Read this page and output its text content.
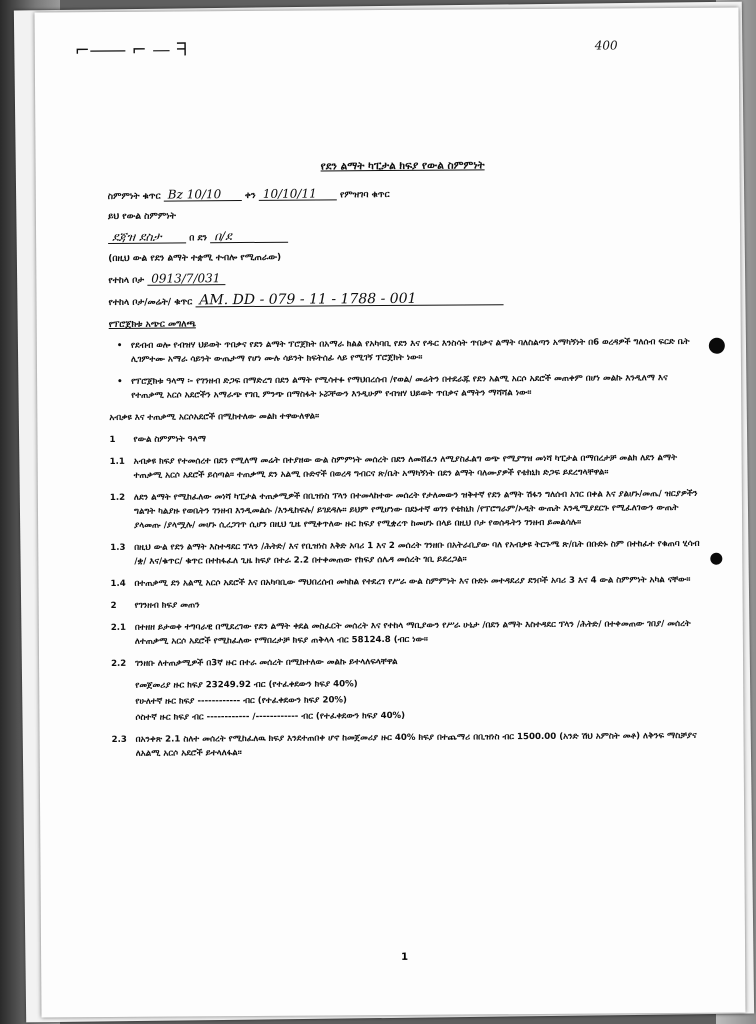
⌐⸺ ⌐ — ᖷ	400
የደን ልማት ካፒታል ክፍያ የውል ስምምነት
ስምምነት ቁጥር Bz 10/10	ቀን 10/10/11	የምዝገባ ቁጥር
ይህ የውል ስምምነት
ደጃዝ ደስታ	በ ደን በ/ደ
(በዚህ ውል የደን ልማት ተቋሚ ተብሎ የሚጠራው)
የተከላ ቦታ 0913/7/031
የተከላ ቦታ/መሬት/ ቁጥር AM. DD - 079 - 11 - 1788 - 001
የፕሮጀክቱ አጭር መግለጫ
• የደብብ ወሎ የብዝሃ ህይወት ጥበቃና የደን ልማት ፕሮጀክት በአማራ ክልል የአካባቢ የደን እና የዱር እንስሳት ጥበቃና ልማት ባለስልጣን አማካኝነት በ6 ወረዳዎች ግለሰብ ፍርድ ቤት ሊገምተሙ አማራ ሳይንት ውጤታማ የሆነ ሙሉ ሳይንት ክፍትሰፊ ላይ የሚገኝ ፕሮጀክት ነው።
• የፕሮጀክቱ ዓላማ ፡- የገንዘብ ድጋፍ በማድረግ በደን ልማት የሚሳተፉ የማህበረሰብ /የወል/ መሬትን በተደራጁ የደን አልሚ አርሶ አደሮች መጠቀም በሆነ መልኩ እንዲለማ እና የተጠቃሚ አርሶ አደሮችን አማራጭ የገቢ ምንጭ በማስፋት ኑሯቸውን እንዲሁም የብዝሃ ህይወት ጥበቃና ልማትን ማሻሻል ነው።
አብቃዩ እና ተጠቃሚ አርሶአደሮች በሚከተለው መልክ ተዋውለዋል።
1	የውል ስምምነት ዓላማ
1.1	አብቃዩ ክፍያ የተመሰረተ በደን የሚለማ መሬት በተያዘው ውል ስምምነት መሰረት በደን ለመሸፈን ለሚያስፈልግ ወጭ የሚያግዝ መነሻ ካፒታል በማበረታቻ መልክ ለደን ልማት ተጠቃሚ አርሶ አደሮች ይሰጣል። ተጠቃሚ ደን አልሚ ቡድኖች በወረዳ ግብርና ጽ/ቤት አማካኝነት በደን ልማት ባለሙያዎች የቴክኒክ ድጋፍ ይደረግላቸዋል።
1.2	ለደን ልማት የሚከፈለው መነሻ ካፒታል ተጠቃሚዎች በቢዝነስ ፕላን በተመላከተው መሰረት የታለመውን ዝቅተኛ የደን ልማት ሽፋን ግለሰብ አገር በቀል እና ያልሆኑ/መጤ/ ዝርያዎችን ግልግት ካልያዙ የወቤትን ገንዘብ እንዲመልሱ /እንዲከፍሉ/ ይገደዳሉ። ይህም የሚሆነው በደኑተኛ ወገን የቴክኒክ /የፕሮግራም/ኦዲት ውጤት እንዲሚያደርጉ የሚፈለገውን ውጤት ያላመጡ /ያላሟሉ/ መሆኑ ሲረጋገጥ ሲሆን በዚህ ጊዜ የሚቀጥለው ዙር ክፍያ የሚቋረጥ ከመሆኑ በላይ በዚህ ቦታ የወሰዱትን ገንዘብ ይመልሳሉ።
1.3	በዚህ ውል የደን ልማት እስተዳደር ፕላን /ሕትድ/ እና የቢዝነስ እቅድ አባሪ 1 እና 2 መሰረት ገንዘቡ በአትራቢያው ባለ የአብቃዩ ትርጉሜ ጽ/ቤት በቡድኑ ስም በተከፈተ የቁጠባ ሂሳብ /ቋ/ እና/ቁጥር/ ቁጥር በተከፋፈለ ጊዜ ክፍያ በተራ 2.2 በተቀመጠው የክፍያ ሰሌዳ መሰረት ገቢ ይደረጋል።
1.4	በተጠቃሚ ደን አልሚ አርሶ አደሮች እና በአካባቢው ማህበረሰብ መካከል የተደረገ የሥራ ውል ስምምነት እና ቡድኑ መተዳደሪያ ደንቦች አባሪ 3 እና 4 ውል ስምምነት አካል ናቸው።
2	የገንዘብ ክፍያ መጠን
2.1	በተዘዘ ይታወቀ ተግባራዊ በሚደረገው የደን ልማት ቀደል መስፈርት መሰረት እና የተከላ ማቢያውን የሥራ ሁኔታ /በደን ልማት እስተዳደር ፕላን /ሕትድ/ በተቀመጠው ገበያ/ መሰረት ለተጠቃሚ አርሶ አደሮች የሚከፈለው የማበረታቻ ክፍያ ጠቅላላ ብር 58124.8 (ብር ነው።
2.2	ገንዘቡ ለተጠቃሚዎች በ3ኛ ዙር በተራ መሰረት በሚከተለው መልኩ ይተላለፍላቸዋል
የመጀመሪያ ዙር ክፍያ 23249.92 ብር (የተፈቀደውን ክፍያ 40%)
የሁለተኛ ዙር ክፍያ ------------ ብር (የተፈቀደውን ክፍያ 20%)
ሶስተኛ ዙር ክፍያ ብር ------------ /------------ ብር (የተፈቀደውን ክፍያ 40%)
2.3	በአንቀጽ 2.1 ስለተ መሰረት የሚከፈለዉ ክፍያ እንደተጠበቀ ሆኖ ከመጀመሪያ ዙር 40% ክፍያ በተጨማሪ በቢዝነስ ብር 1500.00 (አንድ ሽህ አምስት መቶ) ለቅንፍ ማስቻያና ለአልሚ አርሶ አደሮች ይተላለፋል።
1
